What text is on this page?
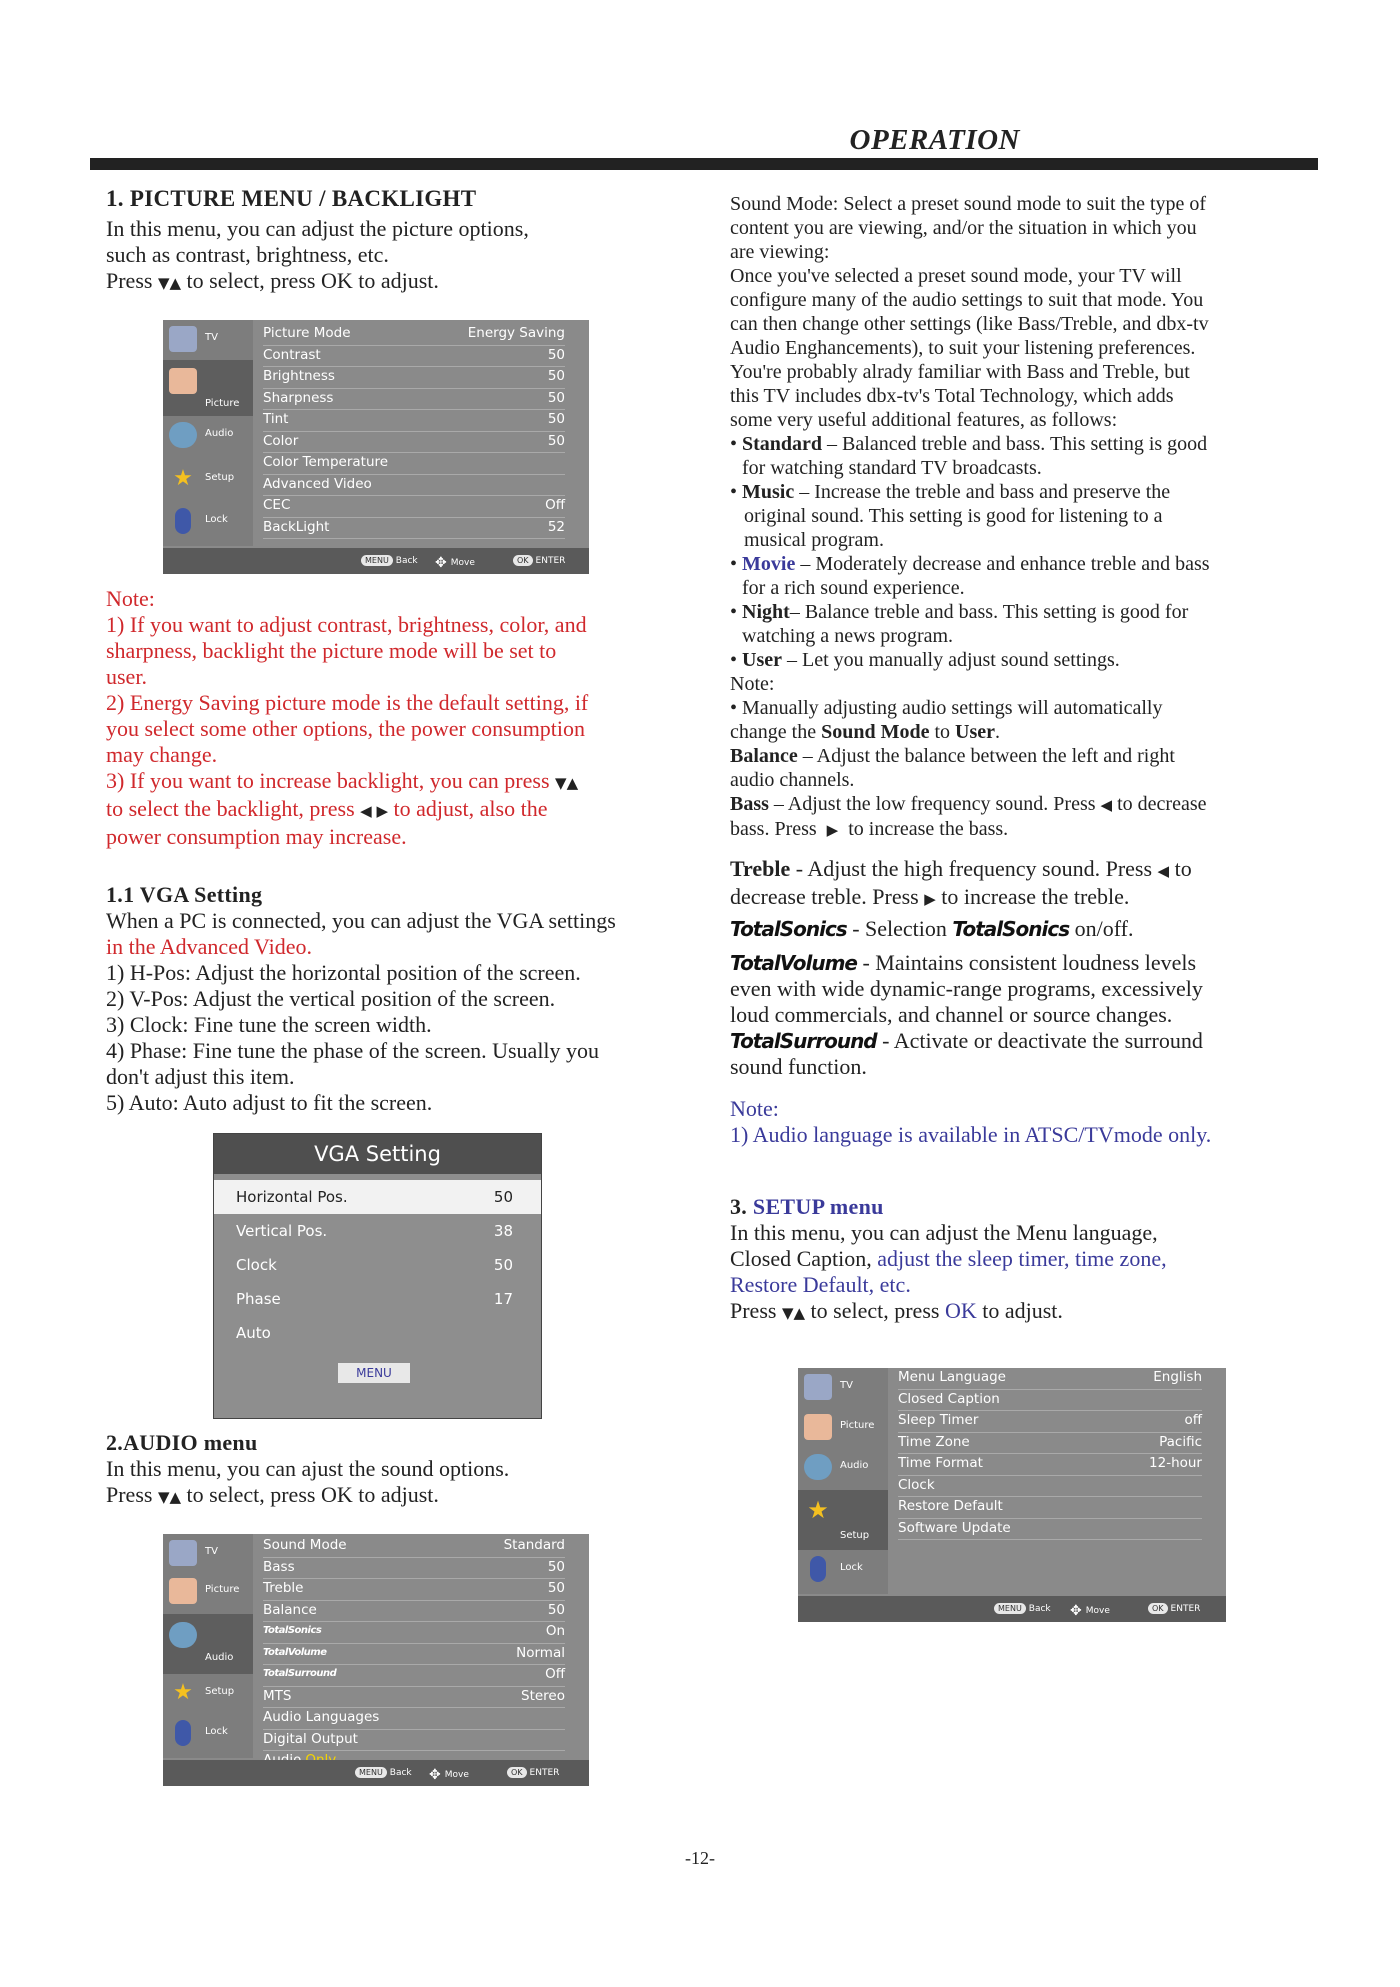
OPERATION
1. PICTURE MENU / BACKLIGHT
In this menu, you can adjust the picture options,
such as contrast, brightness, etc.
Press ▼▲ to select, press OK to adjust.
TV
Picture
Audio
★	Setup
Lock
Picture Mode	Energy Saving
Contrast	50
Brightness	50
Sharpness	50
Tint	50
Color	50
Color Temperature
Advanced Video
CEC	Off
BackLight	52
MENU Back ✥ Move	OK ENTER
Note:
1) If you want to adjust contrast, brightness, color, and
sharpness, backlight the picture mode will be set to
user.
2) Energy Saving picture mode is the default setting, if
you select some other options, the power consumption
may change.
3) If you want to increase backlight, you can press ▼▲
to select the backlight, press ◀ ▶ to adjust, also the
power consumption may increase.
1.1 VGA Setting
When a PC is connected, you can adjust the VGA settings
in the Advanced Video.
1) H-Pos: Adjust the horizontal position of the screen.
2) V-Pos: Adjust the vertical position of the screen.
3) Clock: Fine tune the screen width.
4) Phase: Fine tune the phase of the screen. Usually you
don't adjust this item.
5) Auto: Auto adjust to fit the screen.
VGA Setting
Horizontal Pos.	50
Vertical Pos.	38
Clock	50
Phase	17
Auto
MENU
2.AUDIO menu
In this menu, you can ajust the sound options.
Press ▼▲ to select, press OK to adjust.
TV
Picture
Audio
★	Setup
Lock
Sound Mode	Standard
Bass	50
Treble	50
Balance	50
TotalSonics	On
TotalVolume	Normal
TotalSurround	Off
MTS	Stereo
Audio Languages
Digital Output
MENU Back ✥ Move	OK ENTER
Sound Mode: Select a preset sound mode to suit the type of
content you are viewing, and/or the situation in which you
are viewing:
Once you've selected a preset sound mode, your TV will
configure many of the audio settings to suit that mode. You
can then change other settings (like Bass/Treble, and dbx-tv
Audio Enghancements), to suit your listening preferences.
You're probably alrady familiar with Bass and Treble, but
this TV includes dbx-tv's Total Technology, which adds
some very useful additional features, as follows:
• Standard – Balanced treble and bass. This setting is good
for watching standard TV broadcasts.
• Music – Increase the treble and bass and preserve the
original sound. This setting is good for listening to a
musical program.
• Movie – Moderately decrease and enhance treble and bass
for a rich sound experience.
• Night– Balance treble and bass. This setting is good for
watching a news program.
• User – Let you manually adjust sound settings.
Note:
• Manually adjusting audio settings will automatically
change the Sound Mode to User.
Balance – Adjust the balance between the left and right
audio channels.
Bass – Adjust the low frequency sound. Press ◀ to decrease
bass. Press ▶ to increase the bass.
Treble - Adjust the high frequency sound. Press ◀ to
decrease treble. Press ▶ to increase the treble.
TotalSonics - Selection TotalSonics on/off.
TotalVolume - Maintains consistent loudness levels
even with wide dynamic-range programs, excessively
loud commercials, and channel or source changes.
TotalSurround - Activate or deactivate the surround
sound function.
Note:
1) Audio language is available in ATSC/TVmode only.
3. SETUP menu
In this menu, you can adjust the Menu language,
Closed Caption, adjust the sleep timer, time zone,
Restore Default, etc.
Press ▼▲ to select, press OK to adjust.
TV
Picture
Audio
★
Setup
Lock
Menu Language	English
Closed Caption
Sleep Timer	off
Time Zone	Pacific
Time Format	12-hour
Clock
Restore Default
Software Update
MENU Back ✥ Move	OK ENTER
-12-
